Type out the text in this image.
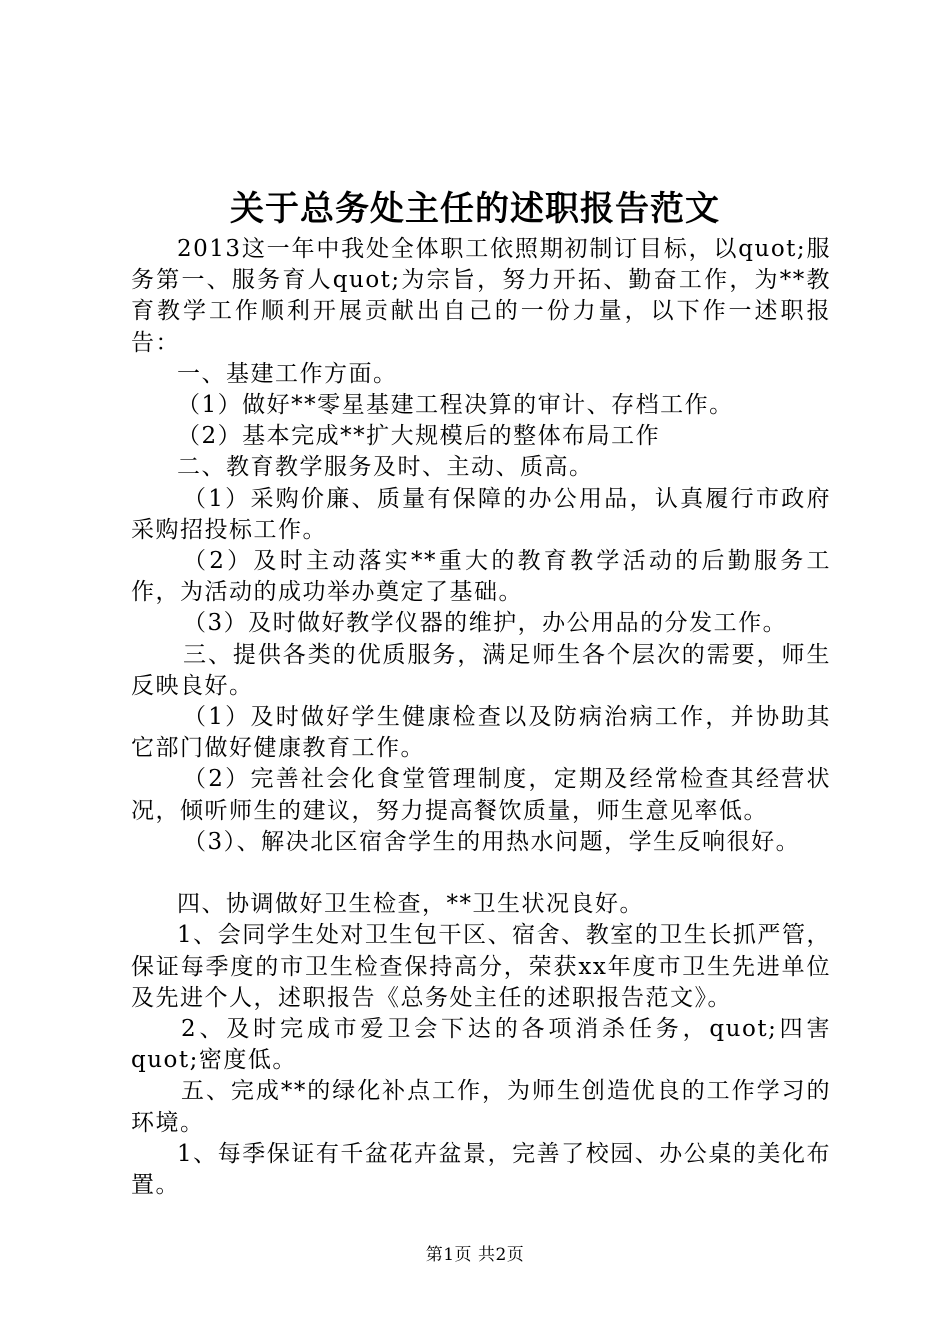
关于总务处主任的述职报告范文

2013这一年中我处全体职工依照期初制订目标，以quot;服务第一、服务育人quot;为宗旨，努力开拓、勤奋工作，为**教育教学工作顺利开展贡献出自己的一份力量，以下作一述职报告：

一、基建工作方面。

（1）做好**零星基建工程决算的审计、存档工作。

（2）基本完成**扩大规模后的整体布局工作

二、教育教学服务及时、主动、质高。

（1）采购价廉、质量有保障的办公用品，认真履行市政府采购招投标工作。

（2）及时主动落实**重大的教育教学活动的后勤服务工作，为活动的成功举办奠定了基础。

（3）及时做好教学仪器的维护，办公用品的分发工作。

三、提供各类的优质服务，满足师生各个层次的需要，师生反映良好。

（1）及时做好学生健康检查以及防病治病工作，并协助其它部门做好健康教育工作。

（2）完善社会化食堂管理制度，定期及经常检查其经营状况，倾听师生的建议，努力提高餐饮质量，师生意见率低。

（3）、解决北区宿舍学生的用热水问题，学生反响很好。

四、协调做好卫生检查，**卫生状况良好。

1、会同学生处对卫生包干区、宿舍、教室的卫生长抓严管，保证每季度的市卫生检查保持高分，荣获xx年度市卫生先进单位及先进个人，述职报告《总务处主任的述职报告范文》。

2、及时完成市爱卫会下达的各项消杀任务，quot;四害quot;密度低。

五、完成**的绿化补点工作，为师生创造优良的工作学习的环境。

1、每季保证有千盆花卉盆景，完善了校园、办公桌的美化布置。

第1页 共2页
